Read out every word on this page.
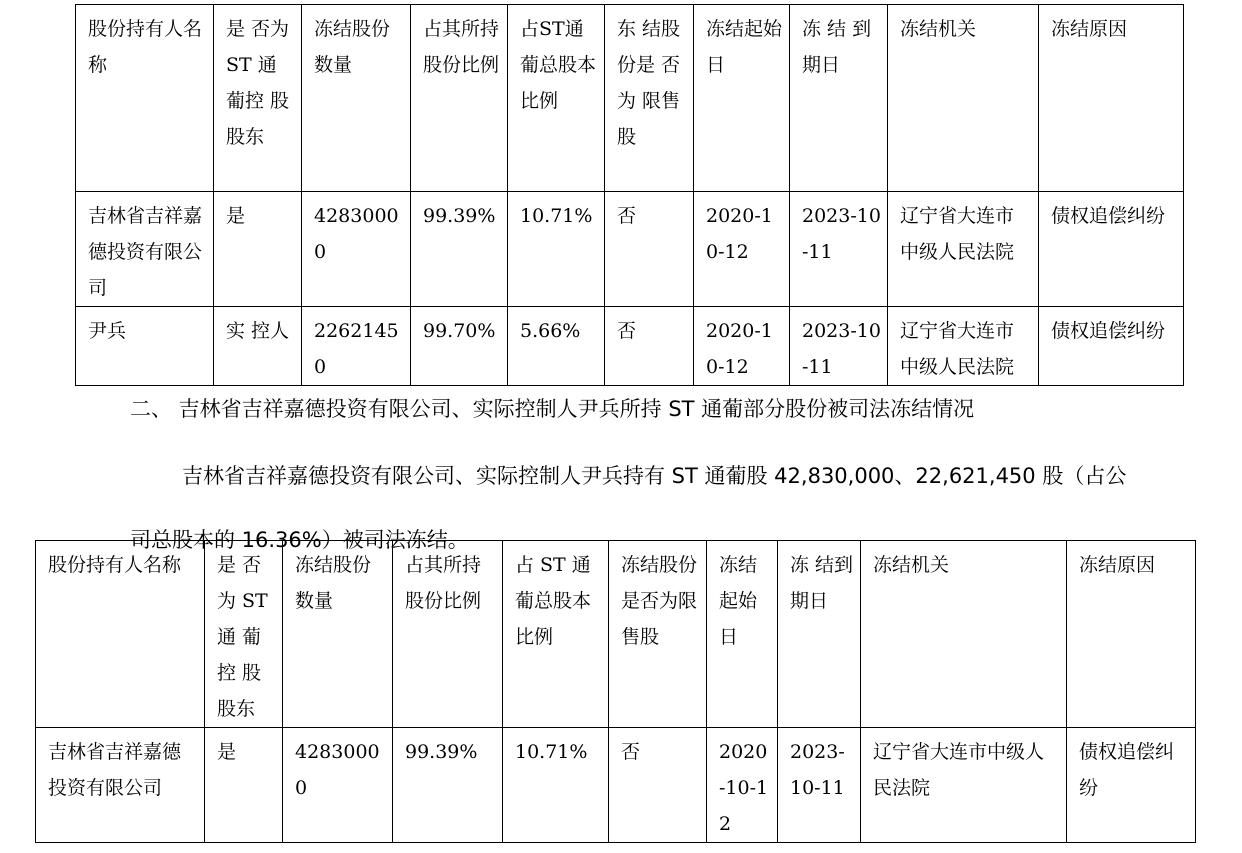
股份持有人名称	是 否为 ST 通 葡控 股股东	冻结股份数量	占其所持股份比例	占ST通葡总股本比例	东 结股 份是 否为 限售股	冻结起始日	冻 结 到期日	冻结机关	冻结原因
吉林省吉祥嘉德投资有限公司	是	42830000	99.39%	10.71%	否	2020-10-12	2023-10-11	辽宁省大连市中级人民法院	债权追偿纠纷
尹兵	实 控人	22621450	99.70%	5.66%	否	2020-10-12	2023-10-11	辽宁省大连市中级人民法院	债权追偿纠纷
二、 吉林省吉祥嘉德投资有限公司、实际控制人尹兵所持 ST 通葡部分股份被司法冻结情况
吉林省吉祥嘉德投资有限公司、实际控制人尹兵持有 ST 通葡股 42,830,000、22,621,450 股（占公司总股本的 16.36%）被司法冻结。
股份持有人名称	是 否为 ST 通 葡控 股股东	冻结股份数量	占其所持股份比例	占 ST 通葡总股本比例	冻结股份是否为限售股	冻结起始日	冻 结到 期日	冻结机关	冻结原因
吉林省吉祥嘉德投资有限公司	是	42830000	99.39%	10.71%	否	2020-10-12	2023-10-11	辽宁省大连市中级人民法院	债权追偿纠纷
